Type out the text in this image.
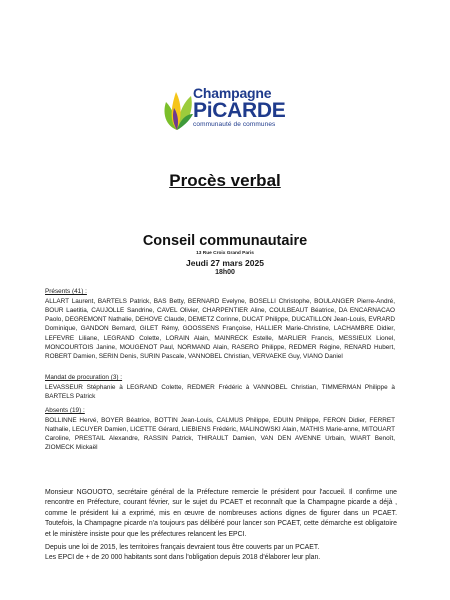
Champagne
PiCARDE
communauté de communes
Procès verbal
Conseil communautaire
13 Rue Croix Grand Paris
Jeudi 27 mars 2025
18h00
Présents (41) :
ALLART Laurent, BARTELS Patrick, BAS Betty, BERNARD Evelyne, BOSELLI Christophe, BOULANGER Pierre-André, BOUR Laetitia, CAUJOLLE Sandrine, CAVEL Olivier, CHARPENTIER Aline, COULBEAUT Béatrice, DA ENCARNACAO Paolo, DEGREMONT Nathalie, DEHOVE Claude, DEMETZ Corinne, DUCAT Philippe, DUCATILLON Jean-Louis, EVRARD Dominique, GANDON Bernard, GILET Rémy, GOOSSENS Françoise, HALLIER Marie-Christine, LACHAMBRE Didier, LEFEVRE Liliane, LEGRAND Colette, LORAIN Alain, MAINRECK Estelle, MARLIER Francis, MESSIEUX Lionel, MONCOURTOIS Janine, MOUGENOT Paul, NORMAND Alain, RASERO Philippe, REDMER Régine, RENARD Hubert, ROBERT Damien, SERIN Denis, SURIN Pascale, VANNOBEL Christian, VERVAEKE Guy, VIANO Daniel
Mandat de procuration (3) :
LEVASSEUR Stéphanie à LEGRAND Colette, REDMER Frédéric à VANNOBEL Christian, TIMMERMAN Philippe à BARTELS Patrick
Absents (19) :
BOLLINNE Hervé, BOYER Béatrice, BOTTIN Jean-Louis, CALMUS Philippe, EDUIN Philippe, FERON Didier, FERRET Nathalie, LECUYER Damien, LICETTE Gérard, LIEBIENS Frédéric, MALINOWSKI Alain, MATHIS Marie-anne, MITOUART Caroline, PRESTAIL Alexandre, RASSIN Patrick, THIRAULT Damien, VAN DEN AVENNE Urbain, WIART Benoît, ZIOMECK Mickaël
Monsieur NGOUOTO, secrétaire général de la Préfecture remercie le président pour l'accueil. Il confirme une rencontre en Préfecture, courant février, sur le sujet du PCAET et reconnaît que la Champagne picarde a déjà , comme le président lui a exprimé, mis en œuvre de nombreuses actions dignes de figurer dans un PCAET. Toutefois, la Champagne picarde n'a toujours pas délibéré pour lancer son PCAET, cette démarche est obligatoire et le ministère insiste pour que les préfectures relancent les EPCI.
Depuis une loi de 2015, les territoires français devraient tous être couverts par un PCAET.
Les EPCI de + de 20 000 habitants sont dans l'obligation depuis 2018 d'élaborer leur plan.
